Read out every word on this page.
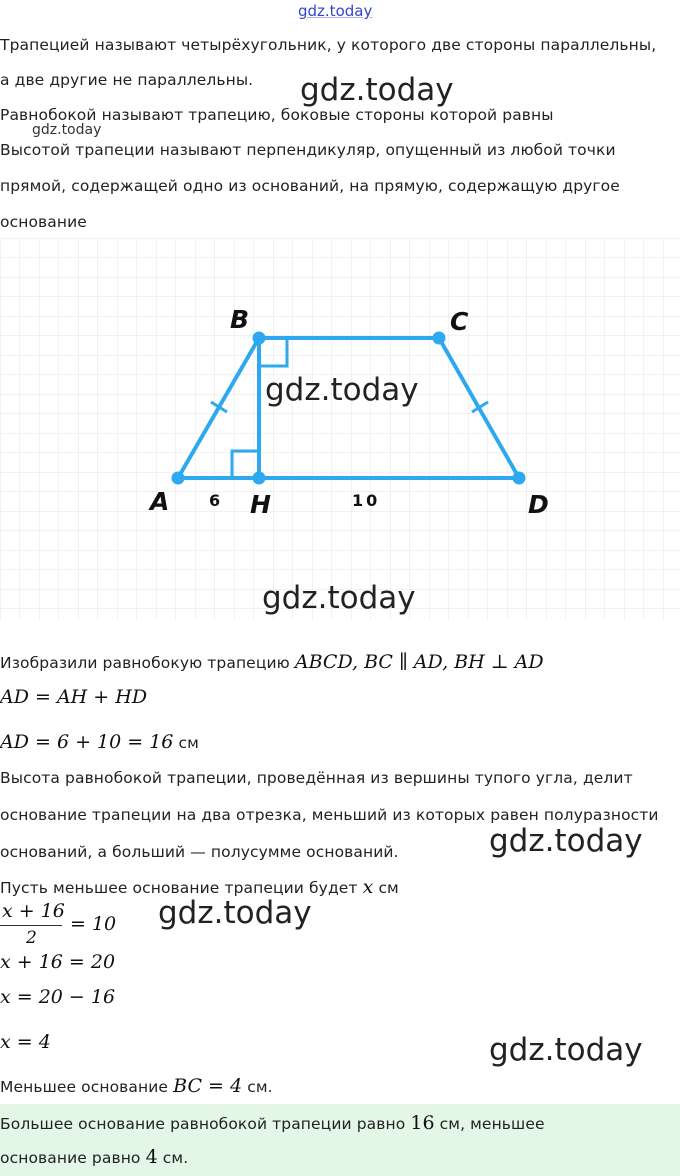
gdz.today
gdz.today
gdz.today
Трапецией называют четырёхугольник, у которого две стороны параллельны,
а две другие не параллельны.
Равнобокой называют трапецию, боковые стороны которой равны
Высотой трапеции называют перпендикуляр, опущенный из любой точки
прямой, содержащей одно из оснований, на прямую, содержащую другое
основание
B	C
A	H	D
6	10
gdz.today
gdz.today
Изобразили равнобокую трапецию ABCD, BC ∥ AD, BH ⊥ AD
AD = AH + HD
AD = 6 + 10 = 16 см
Высота равнобокой трапеции, проведённая из вершины тупого угла, делит
основание трапеции на два отрезка, меньший из которых равен полуразности
оснований, а больший — полусумме оснований.	gdz.today
Пусть меньшее основание трапеции будет x см
x + 16
2
= 10 gdz.today
x + 16 = 20
x = 20 − 16
x = 4	gdz.today
Меньшее основание BC = 4 см.
Большее основание равнобокой трапеции равно 16 см, меньшее
основание равно 4 см.
